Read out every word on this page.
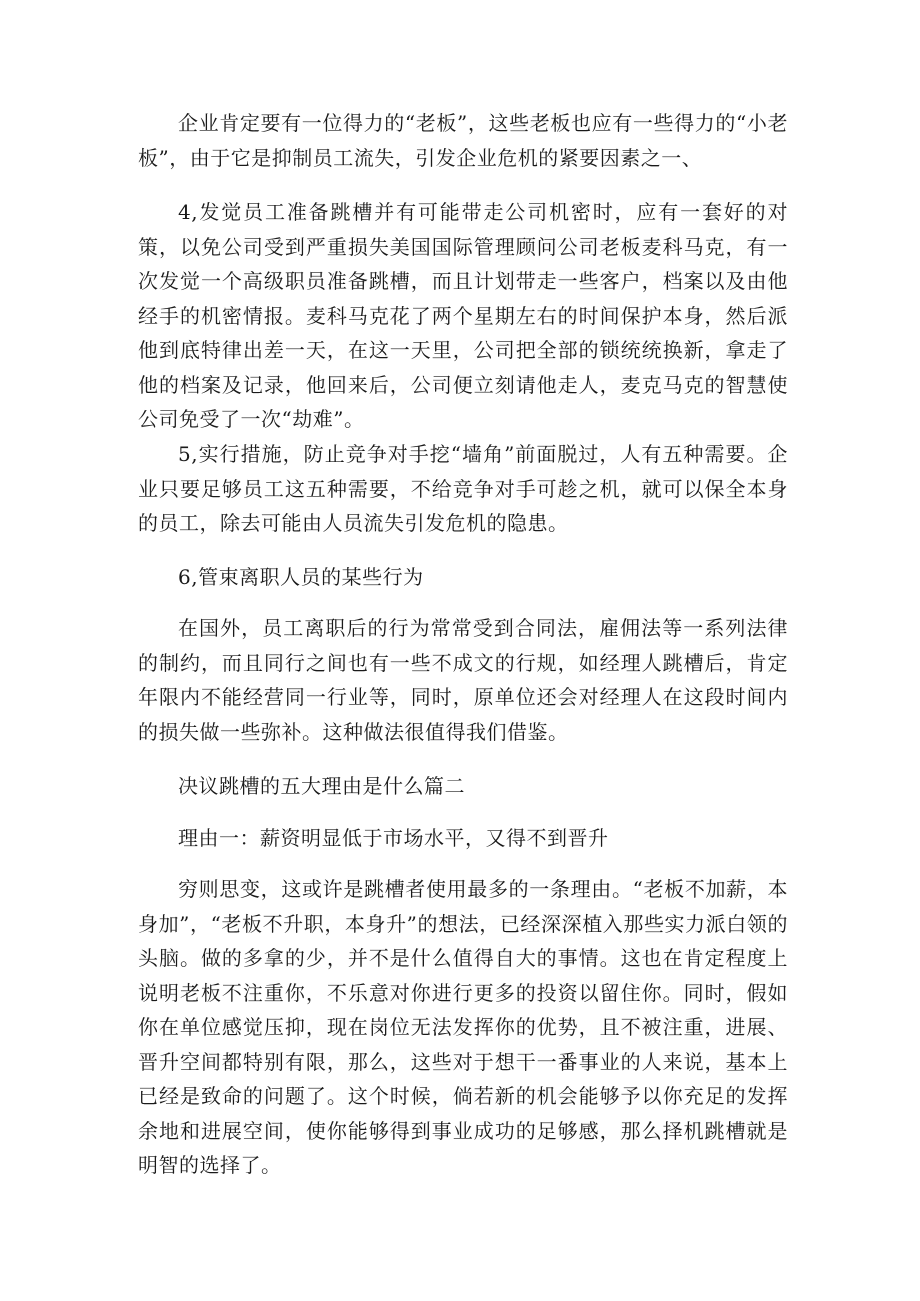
企业肯定要有一位得力的“老板”，这些老板也应有一些得力的“小老板”，由于它是抑制员工流失，引发企业危机的紧要因素之一、

4,发觉员工准备跳槽并有可能带走公司机密时，应有一套好的对策，以免公司受到严重损失美国国际管理顾问公司老板麦科马克，有一次发觉一个高级职员准备跳槽，而且计划带走一些客户，档案以及由他经手的机密情报。麦科马克花了两个星期左右的时间保护本身，然后派他到底特律出差一天，在这一天里，公司把全部的锁统统换新，拿走了他的档案及记录，他回来后，公司便立刻请他走人，麦克马克的智慧使公司免受了一次“劫难”。

5,实行措施，防止竞争对手挖“墙角”前面脱过，人有五种需要。企业只要足够员工这五种需要，不给竞争对手可趁之机，就可以保全本身的员工，除去可能由人员流失引发危机的隐患。

6,管束离职人员的某些行为

在国外，员工离职后的行为常常受到合同法，雇佣法等一系列法律的制约，而且同行之间也有一些不成文的行规，如经理人跳槽后，肯定年限内不能经营同一行业等，同时，原单位还会对经理人在这段时间内的损失做一些弥补。这种做法很值得我们借鉴。

决议跳槽的五大理由是什么篇二

理由一：薪资明显低于市场水平，又得不到晋升

穷则思变，这或许是跳槽者使用最多的一条理由。“老板不加薪，本身加”，“老板不升职，本身升”的想法，已经深深植入那些实力派白领的头脑。做的多拿的少，并不是什么值得自大的事情。这也在肯定程度上说明老板不注重你，不乐意对你进行更多的投资以留住你。同时，假如你在单位感觉压抑，现在岗位无法发挥你的优势，且不被注重，进展、晋升空间都特别有限，那么，这些对于想干一番事业的人来说，基本上已经是致命的问题了。这个时候，倘若新的机会能够予以你充足的发挥余地和进展空间，使你能够得到事业成功的足够感，那么择机跳槽就是明智的选择了。
